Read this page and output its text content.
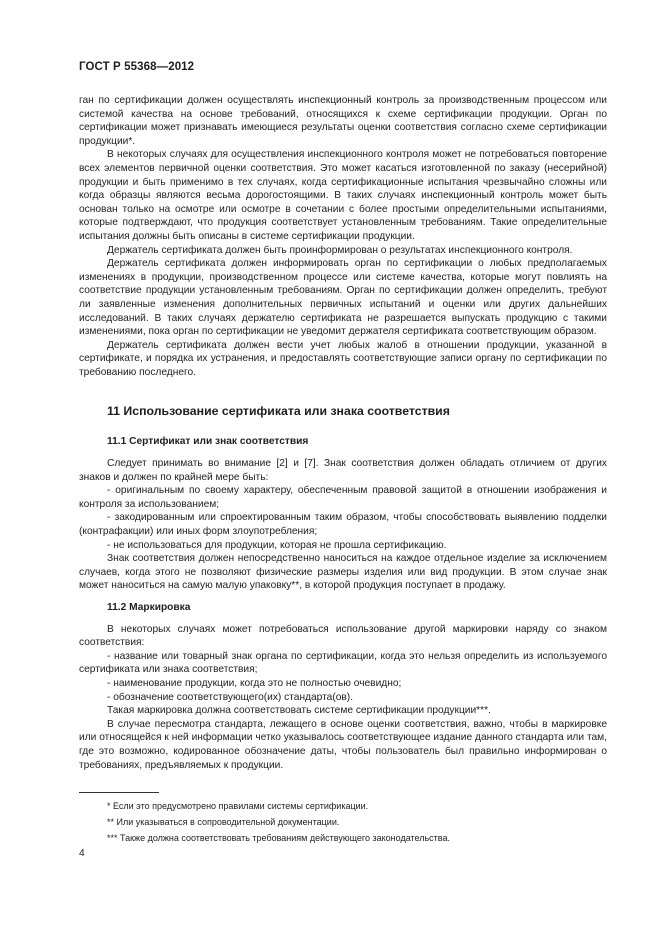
ГОСТ Р 55368—2012

ган по сертификации должен осуществлять инспекционный контроль за производственным процессом или системой качества на основе требований, относящихся к схеме сертификации продукции. Орган по сертификации может признавать имеющиеся результаты оценки соответствия согласно схеме сертификации продукции*.

В некоторых случаях для осуществления инспекционного контроля может не потребоваться повторение всех элементов первичной оценки соответствия. Это может касаться изготовленной по заказу (несерийной) продукции и быть применимо в тех случаях, когда сертификационные испытания чрезвычайно сложны или когда образцы являются весьма дорогостоящими. В таких случаях инспекционный контроль может быть основан только на осмотре или осмотре в сочетании с более простыми определительными испытаниями, которые подтверждают, что продукция соответствует установленным требованиям. Такие определительные испытания должны быть описаны в системе сертификации продукции.

Держатель сертификата должен быть проинформирован о результатах инспекционного контроля.

Держатель сертификата должен информировать орган по сертификации о любых предполагаемых изменениях в продукции, производственном процессе или системе качества, которые могут повлиять на соответствие продукции установленным требованиям. Орган по сертификации должен определить, требуют ли заявленные изменения дополнительных первичных испытаний и оценки или других дальнейших исследований. В таких случаях держателю сертификата не разрешается выпускать продукцию с такими изменениями, пока орган по сертификации не уведомит держателя сертификата соответствующим образом.

Держатель сертификата должен вести учет любых жалоб в отношении продукции, указанной в сертификате, и порядка их устранения, и предоставлять соответствующие записи органу по сертификации по требованию последнего.

11 Использование сертификата или знака соответствия

11.1 Сертификат или знак соответствия

Следует принимать во внимание [2] и [7]. Знак соответствия должен обладать отличием от других знаков и должен по крайней мере быть:

- оригинальным по своему характеру, обеспеченным правовой защитой в отношении изображения и контроля за использованием;

- закодированным или спроектированным таким образом, чтобы способствовать выявлению подделки (контрафакции) или иных форм злоупотребления;

- не использоваться для продукции, которая не прошла сертификацию.

Знак соответствия должен непосредственно наноситься на каждое отдельное изделие за исключением случаев, когда этого не позволяют физические размеры изделия или вид продукции. В этом случае знак может наноситься на самую малую упаковку**, в которой продукция поступает в продажу.

11.2 Маркировка

В некоторых случаях может потребоваться использование другой маркировки наряду со знаком соответствия:

- название или товарный знак органа по сертификации, когда это нельзя определить из используемого сертификата или знака соответствия;

- наименование продукции, когда это не полностью очевидно;

- обозначение соответствующего(их) стандарта(ов).

Такая маркировка должна соответствовать системе сертификации продукции***.

В случае пересмотра стандарта, лежащего в основе оценки соответствия, важно, чтобы в маркировке или относящейся к ней информации четко указывалось соответствующее издание данного стандарта или там, где это возможно, кодированное обозначение даты, чтобы пользователь был правильно информирован о требованиях, предъявляемых к продукции.

* Если это предусмотрено правилами системы сертификации.
** Или указываться в сопроводительной документации.
*** Также должна соответствовать требованиям действующего законодательства.
4
